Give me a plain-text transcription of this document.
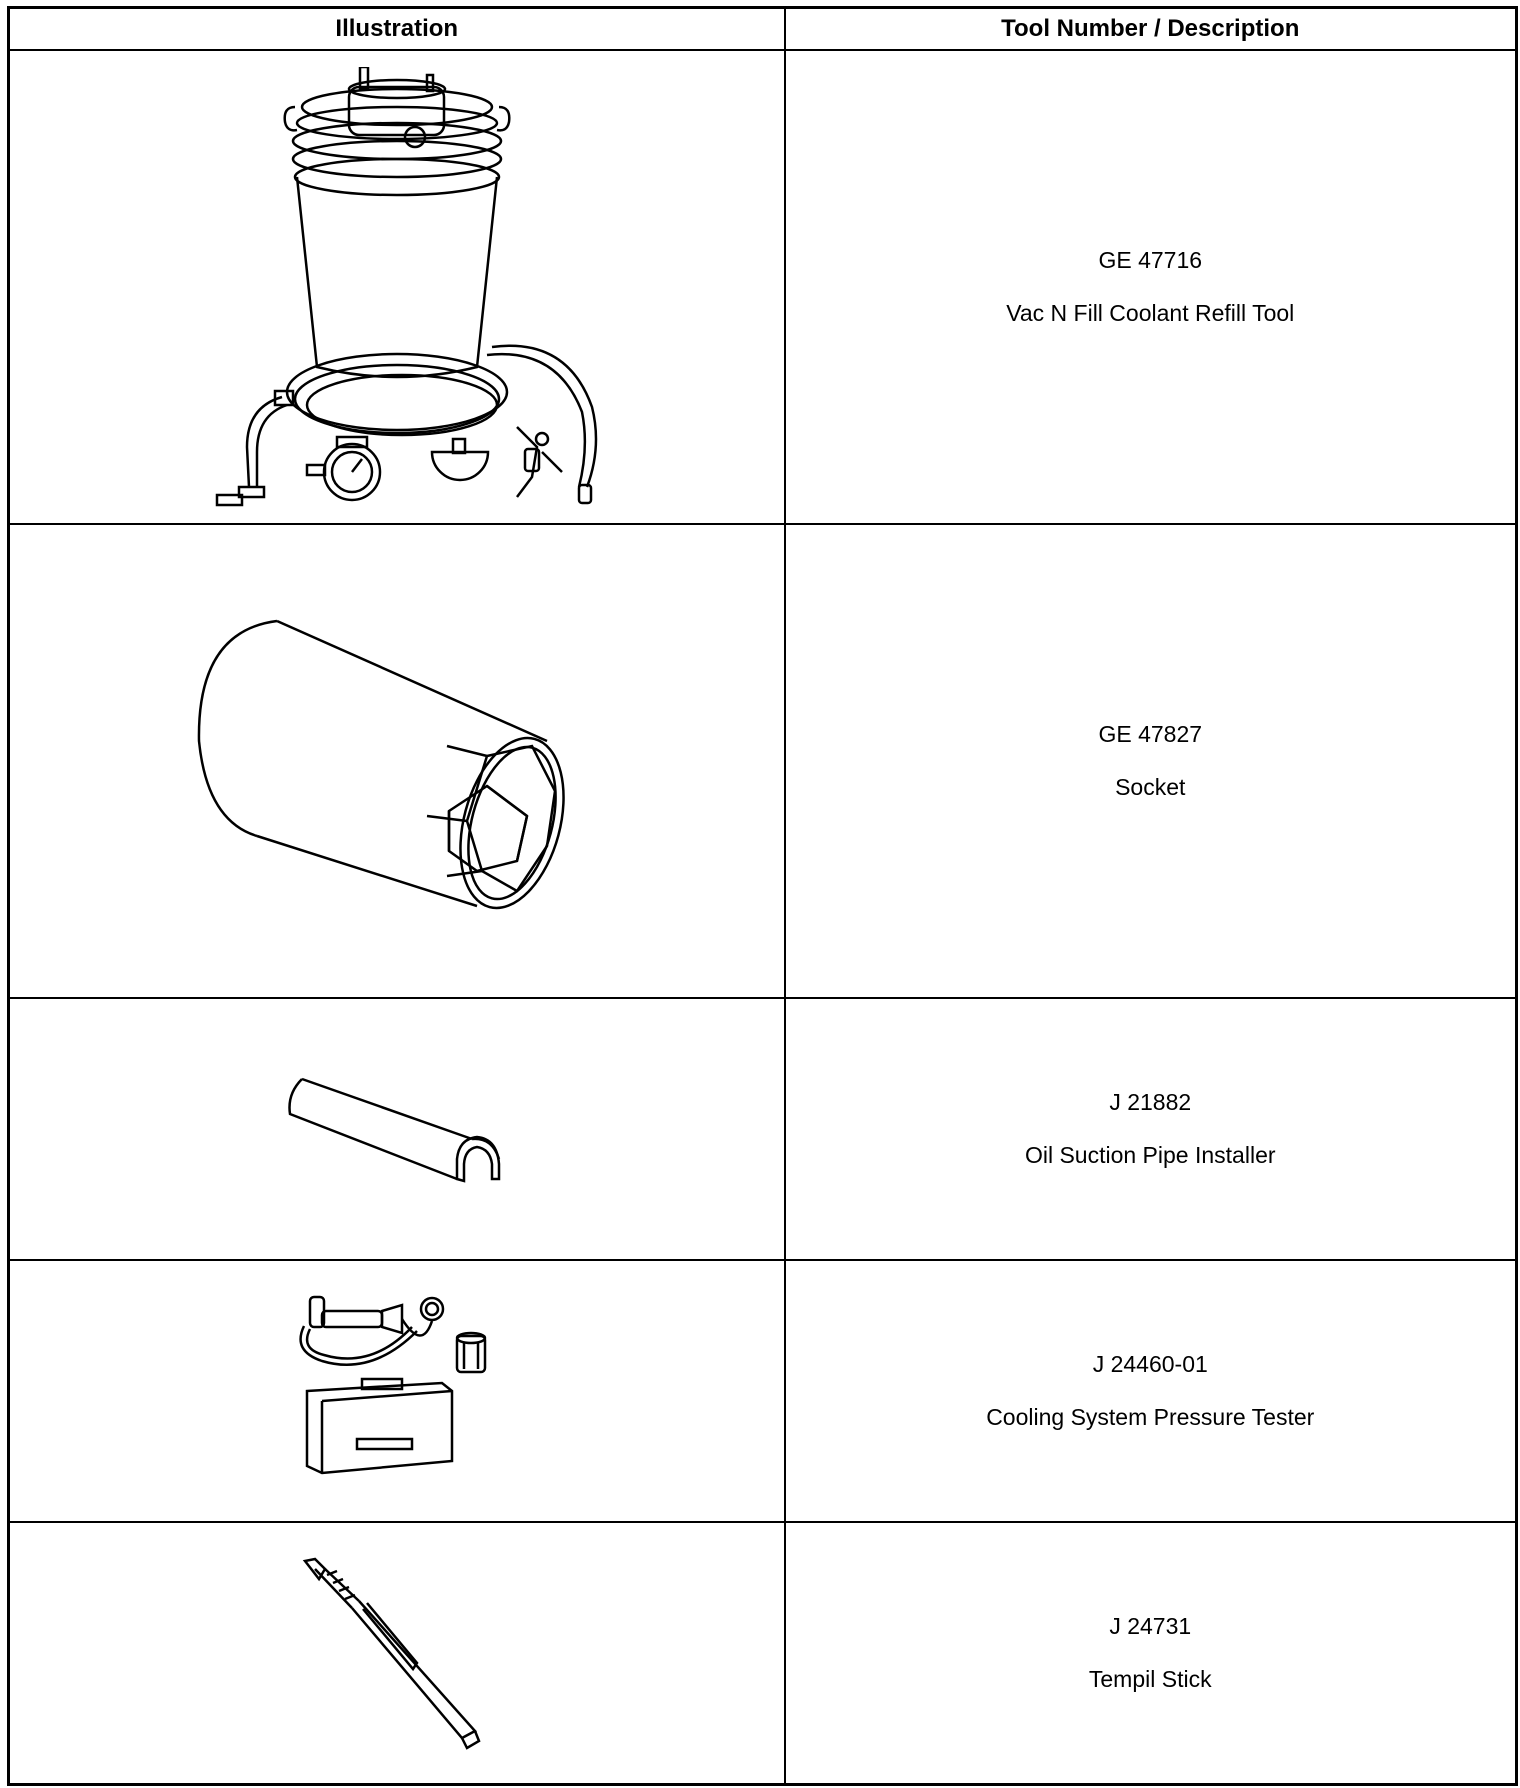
Illustration	Tool Number / Description

GE 47716
Vac N Fill Coolant Refill Tool

GE 47827
Socket

J 21882
Oil Suction Pipe Installer

J 24460-01
Cooling System Pressure Tester

J 24731
Tempil Stick
